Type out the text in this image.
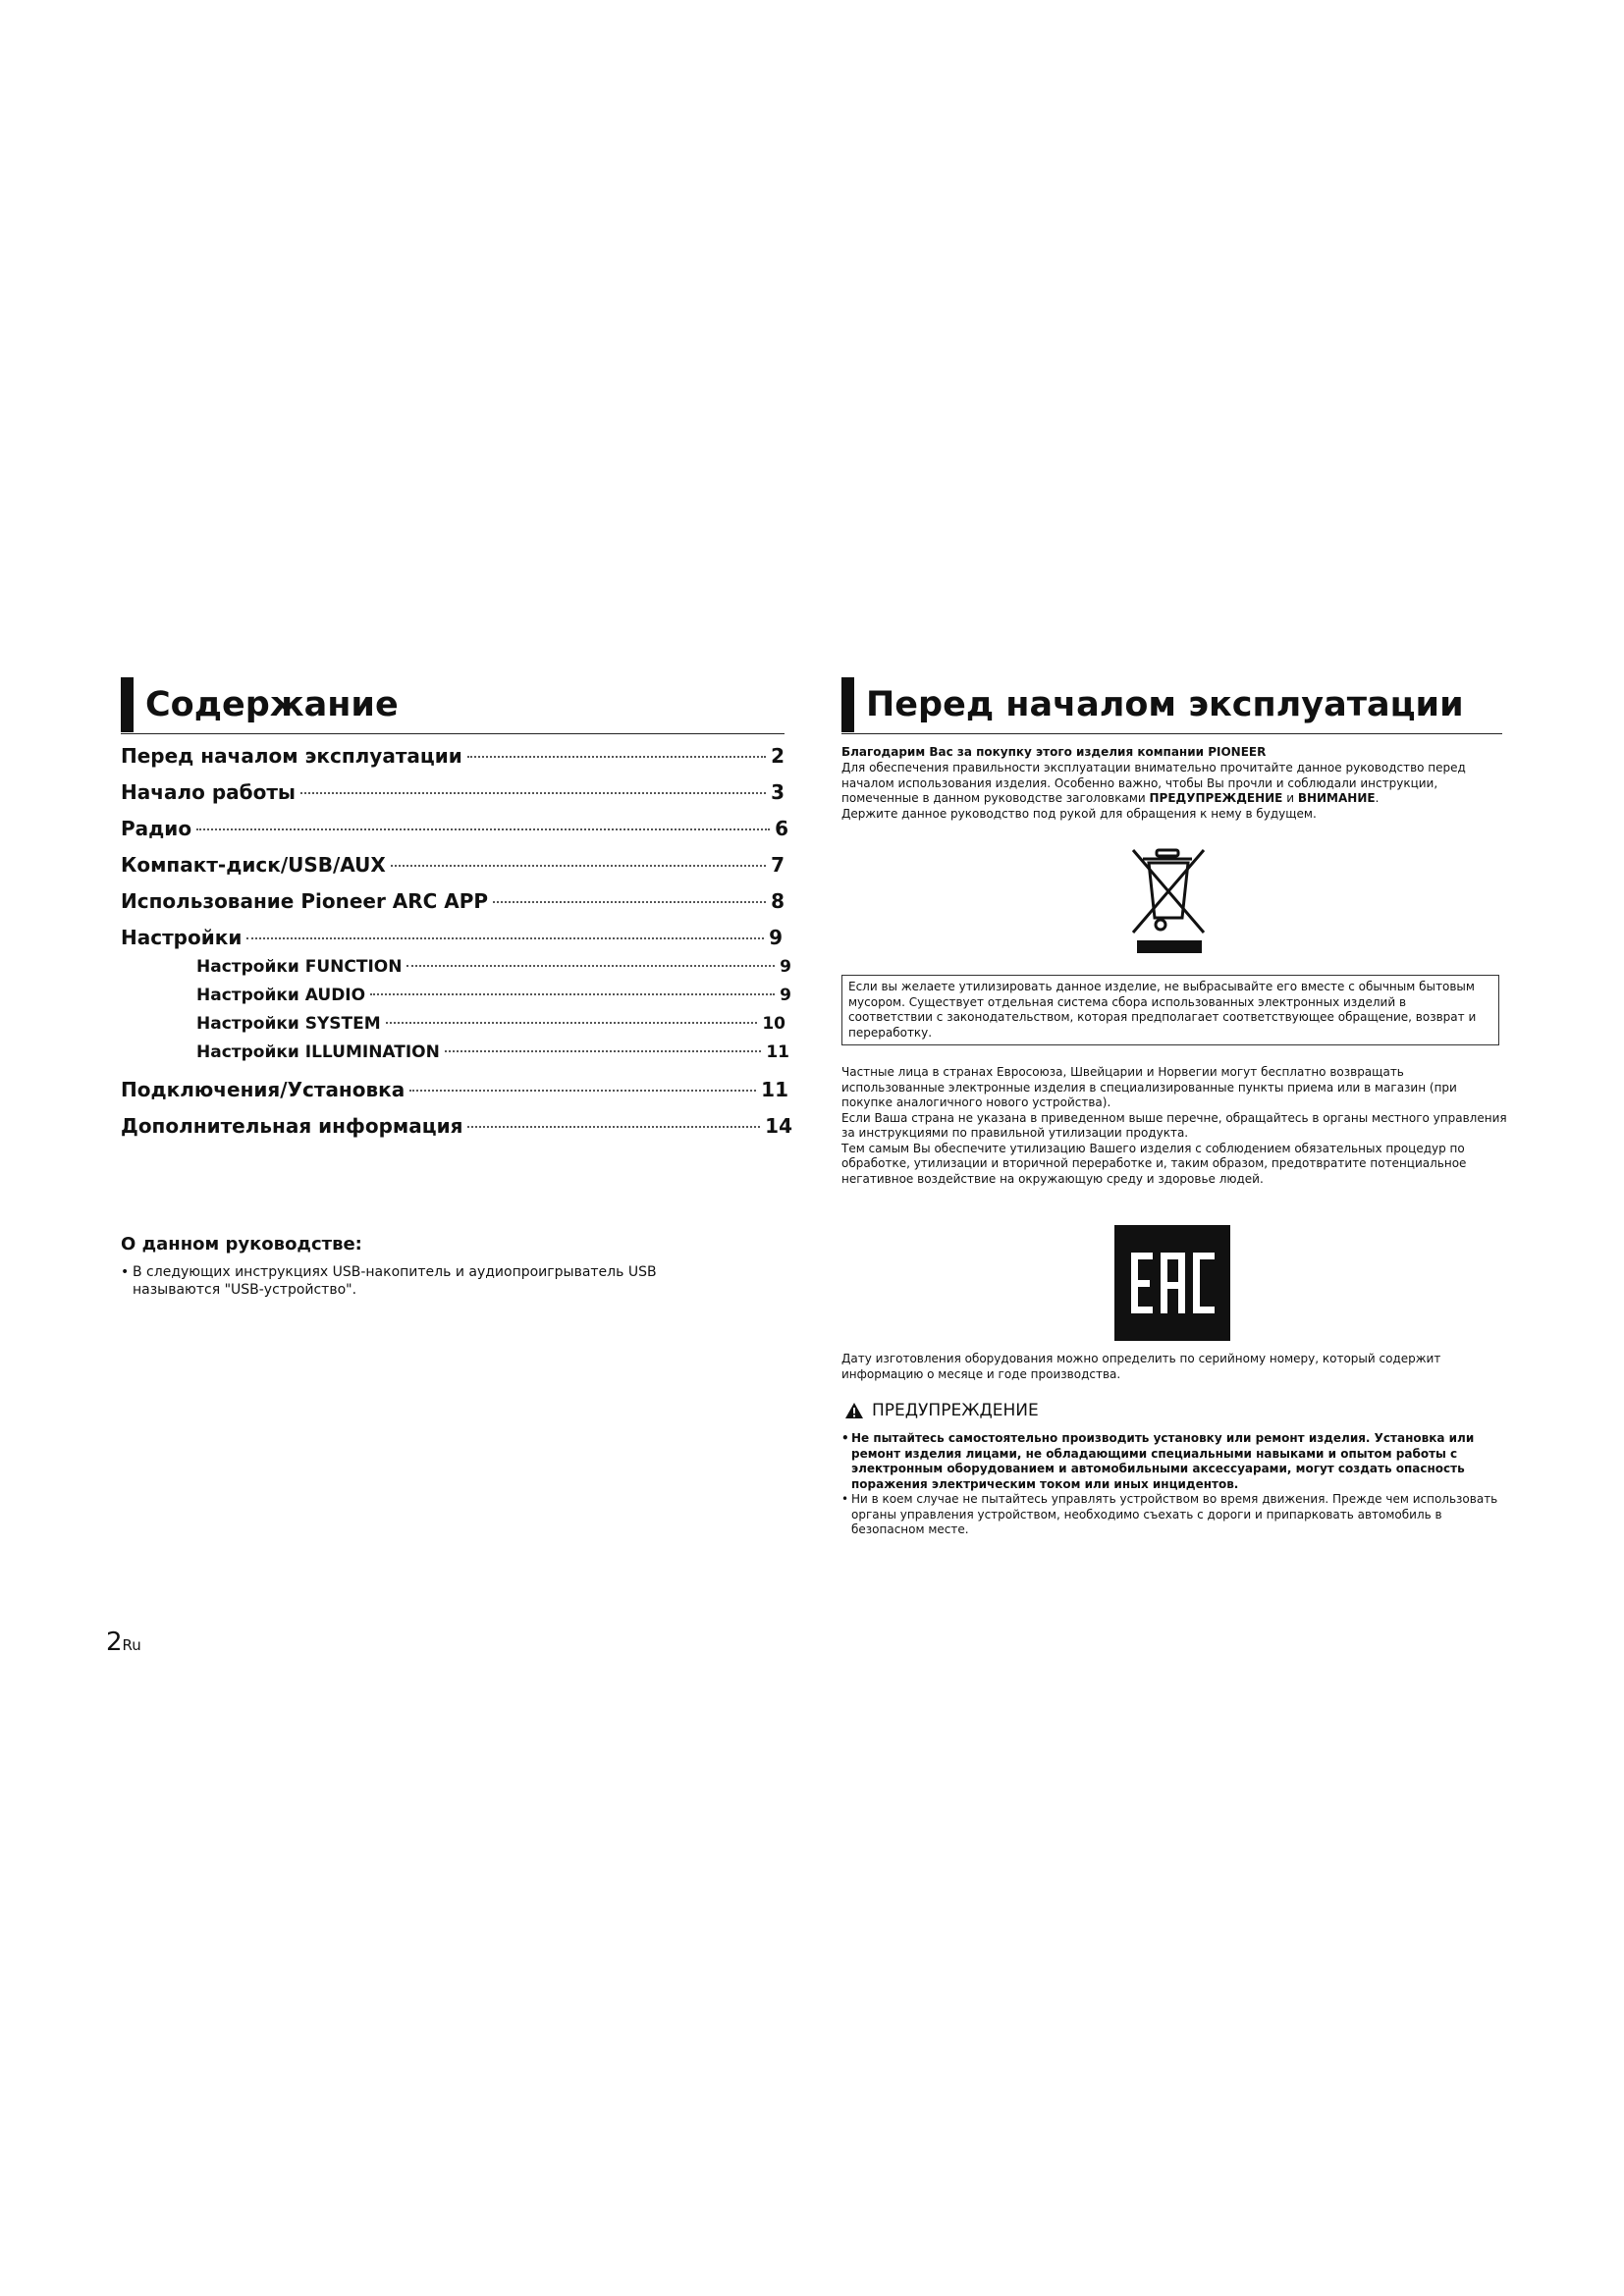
Содержание
Перед началом эксплуатации	2
Начало работы	3
Радио	6
Компакт-диск/USB/AUX	7
Использование Pioneer ARC APP	8
Настройки	9
Настройки FUNCTION	9
Настройки AUDIO	9
Настройки SYSTEM	10
Настройки ILLUMINATION	11
Подключения/Установка	11
Дополнительная информация	14
О данном руководстве:
• В следующих инструкциях USB-накопитель и аудиопроигрыватель USB называются "USB-устройство".
Перед началом эксплуатации
Благодарим Вас за покупку этого изделия компании PIONEER
Для обеспечения правильности эксплуатации внимательно прочитайте данное руководство перед началом использования изделия. Особенно важно, чтобы Вы прочли и соблюдали инструкции, помеченные в данном руководстве заголовками ПРЕДУПРЕЖДЕНИЕ и ВНИМАНИЕ.
Держите данное руководство под рукой для обращения к нему в будущем.
Если вы желаете утилизировать данное изделие, не выбрасывайте его вместе с обычным бытовым мусором. Существует отдельная система сбора использованных электронных изделий в соответствии с законодательством, которая предполагает соответствующее обращение, возврат и переработку.
Частные лица в странах Евросоюза, Швейцарии и Норвегии могут бесплатно возвращать использованные электронные изделия в специализированные пункты приема или в магазин (при покупке аналогичного нового устройства).
Если Ваша страна не указана в приведенном выше перечне, обращайтесь в органы местного управления за инструкциями по правильной утилизации продукта.
Тем самым Вы обеспечите утилизацию Вашего изделия с соблюдением обязательных процедур по обработке, утилизации и вторичной переработке и, таким образом, предотвратите потенциальное негативное воздействие на окружающую среду и здоровье людей.
Дату изготовления оборудования можно определить по серийному номеру, который содержит информацию о месяце и годе производства.
ПРЕДУПРЕЖДЕНИЕ
• Не пытайтесь самостоятельно производить установку или ремонт изделия. Установка или ремонт изделия лицами, не обладающими специальными навыками и опытом работы с электронным оборудованием и автомобильными аксессуарами, могут создать опасность поражения электрическим током или иных инцидентов.
• Ни в коем случае не пытайтесь управлять устройством во время движения. Прежде чем использовать органы управления устройством, необходимо съехать с дороги и припарковать автомобиль в безопасном месте.
2Ru
